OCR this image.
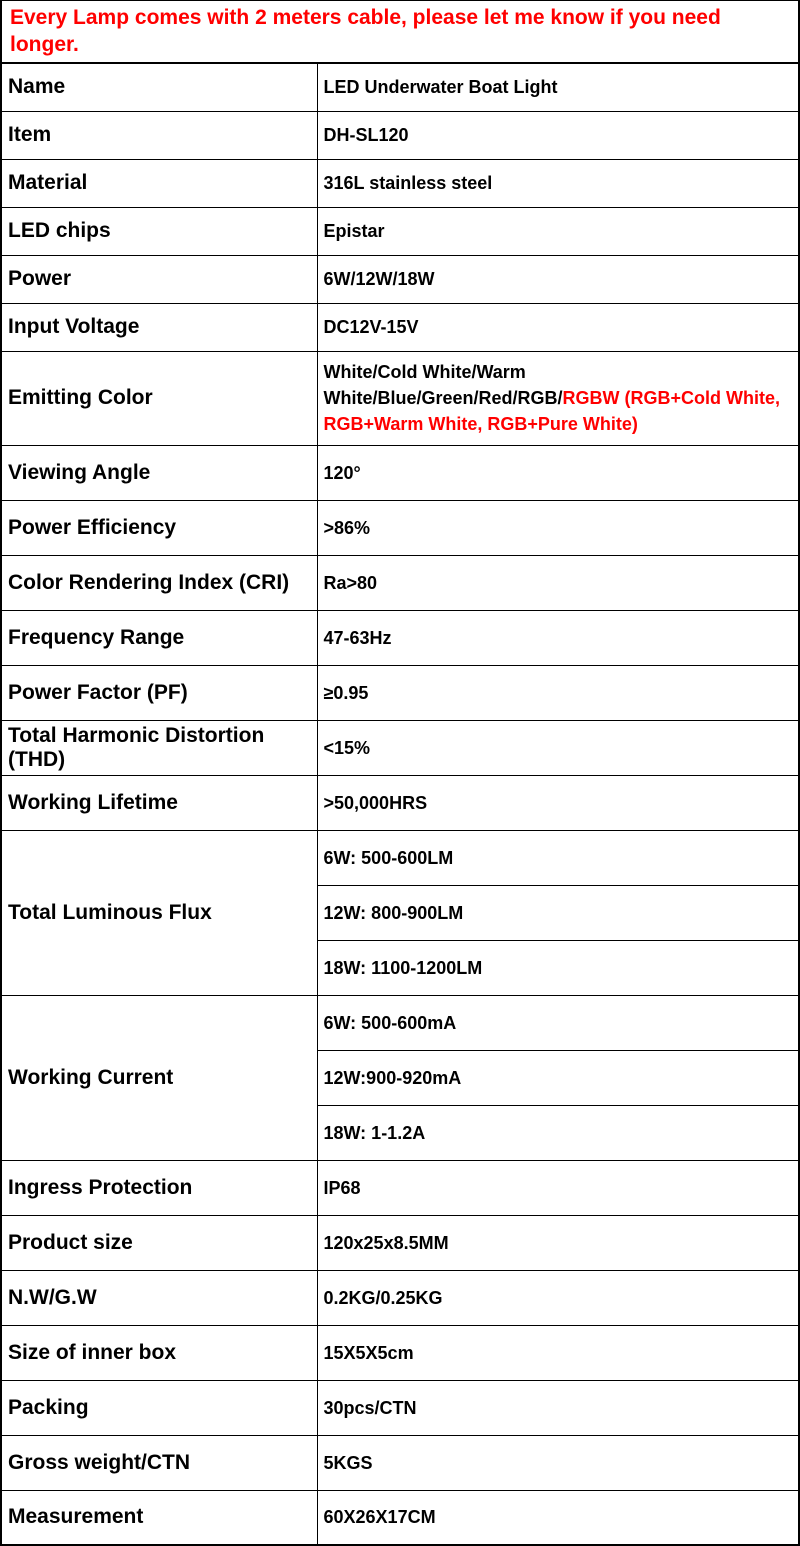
Every Lamp comes with 2 meters cable, please let me know if you need longer.
Name	LED Underwater Boat Light
Item	DH-SL120
Material	316L stainless steel
LED chips	Epistar
Power	6W/12W/18W
Input Voltage	DC12V-15V
Emitting Color	White/Cold White/Warm White/Blue/Green/Red/RGB/RGBW (RGB+Cold White, RGB+Warm White, RGB+Pure White)
Viewing Angle	120°
Power Efficiency	>86%
Color Rendering Index (CRI)	Ra>80
Frequency Range	47-63Hz
Power Factor (PF)	≥0.95
Total Harmonic Distortion (THD)	<15%
Working Lifetime	>50,000HRS
Total Luminous Flux	6W: 500-600LM
	12W: 800-900LM
	18W: 1100-1200LM
Working Current	6W: 500-600mA
	12W:900-920mA
	18W: 1-1.2A
Ingress Protection	IP68
Product size	120x25x8.5MM
N.W/G.W	0.2KG/0.25KG
Size of inner box	15X5X5cm
Packing	30pcs/CTN
Gross weight/CTN	5KGS
Measurement	60X26X17CM
